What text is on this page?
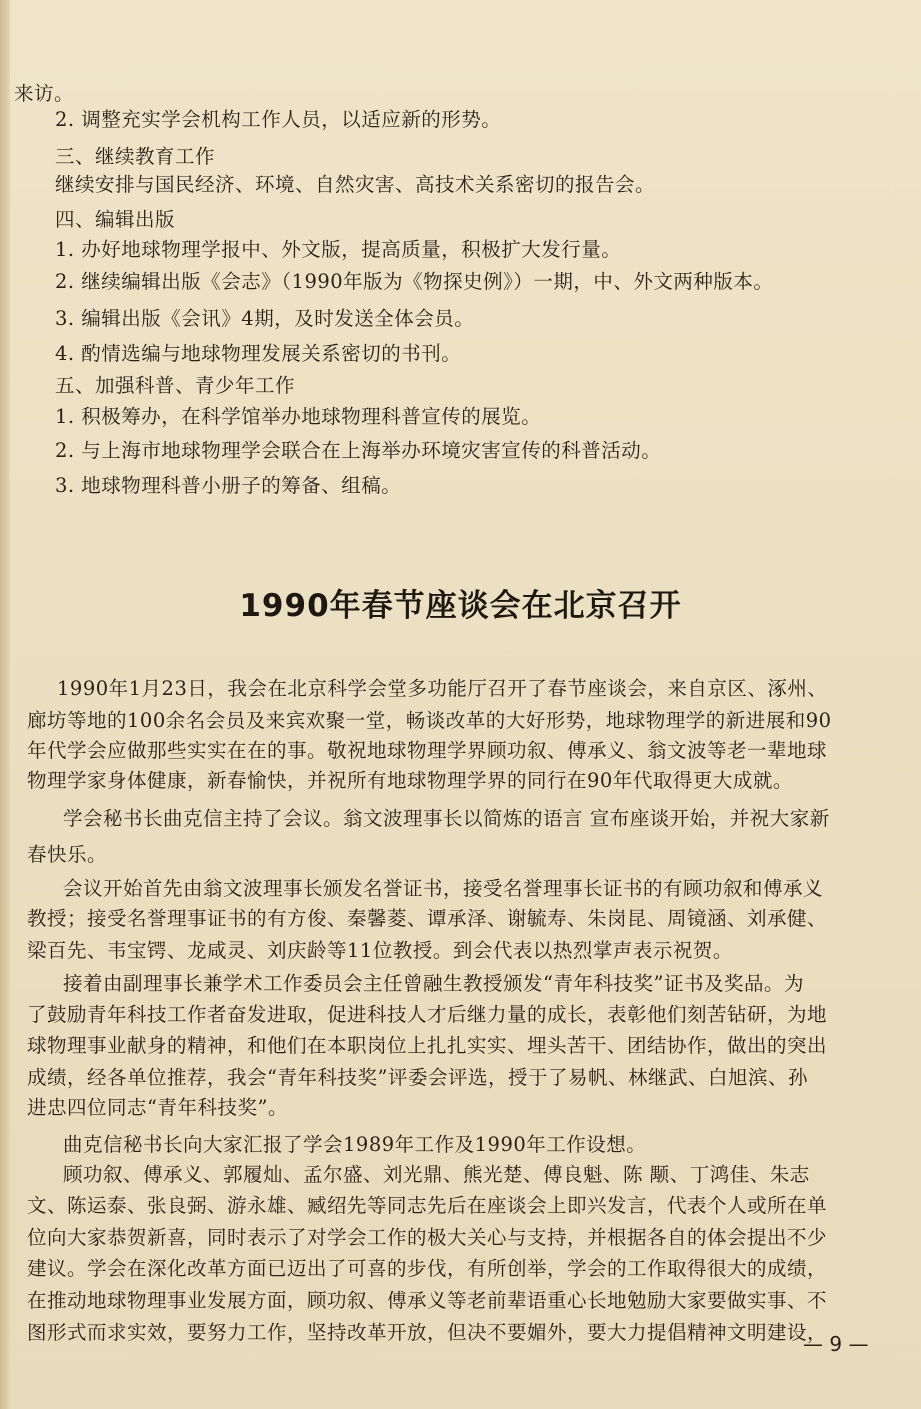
来访。
2. 调整充实学会机构工作人员，以适应新的形势。
三、继续教育工作
继续安排与国民经济、环境、自然灾害、高技术关系密切的报告会。
四、编辑出版
1. 办好地球物理学报中、外文版，提高质量，积极扩大发行量。
2. 继续编辑出版《会志》（1990年版为《物探史例》）一期，中、外文两种版本。
3. 编辑出版《会讯》4期，及时发送全体会员。
4. 酌情选编与地球物理发展关系密切的书刊。
五、加强科普、青少年工作
1. 积极筹办，在科学馆举办地球物理科普宣传的展览。
2. 与上海市地球物理学会联合在上海举办环境灾害宣传的科普活动。
3. 地球物理科普小册子的筹备、组稿。
1990年春节座谈会在北京召开
1990年1月23日，我会在北京科学会堂多功能厅召开了春节座谈会，来自京区、涿州、
廊坊等地的100余名会员及来宾欢聚一堂，畅谈改革的大好形势，地球物理学的新进展和90
年代学会应做那些实实在在的事。敬祝地球物理学界顾功叙、傅承义、翁文波等老一辈地球
物理学家身体健康，新春愉快，并祝所有地球物理学界的同行在90年代取得更大成就。
学会秘书长曲克信主持了会议。翁文波理事长以简炼的语言 宣布座谈开始，并祝大家新
春快乐。
会议开始首先由翁文波理事长颁发名誉证书，接受名誉理事长证书的有顾功叙和傅承义
教授；接受名誉理事证书的有方俊、秦馨菱、谭承泽、谢毓寿、朱岗昆、周镜涵、刘承健、
梁百先、韦宝锷、龙咸灵、刘庆龄等11位教授。到会代表以热烈掌声表示祝贺。
接着由副理事长兼学术工作委员会主任曾融生教授颁发“青年科技奖”证书及奖品。为
了鼓励青年科技工作者奋发进取，促进科技人才后继力量的成长，表彰他们刻苦钻研，为地
球物理事业献身的精神，和他们在本职岗位上扎扎实实、埋头苦干、团结协作，做出的突出
成绩，经各单位推荐，我会“青年科技奖”评委会评选，授于了易帆、林继武、白旭滨、孙
进忠四位同志“青年科技奖”。
曲克信秘书长向大家汇报了学会1989年工作及1990年工作设想。
顾功叙、傅承义、郭履灿、孟尔盛、刘光鼎、熊光楚、傅良魁、陈 颙、丁鸿佳、朱志
文、陈运泰、张良弼、游永雄、臧绍先等同志先后在座谈会上即兴发言，代表个人或所在单
位向大家恭贺新喜，同时表示了对学会工作的极大关心与支持，并根据各自的体会提出不少
建议。学会在深化改革方面已迈出了可喜的步伐，有所创举，学会的工作取得很大的成绩，
在推动地球物理事业发展方面，顾功叙、傅承义等老前辈语重心长地勉励大家要做实事、不
图形式而求实效，要努力工作，坚持改革开放，但决不要媚外，要大力提倡精神文明建设，
— 9 —
